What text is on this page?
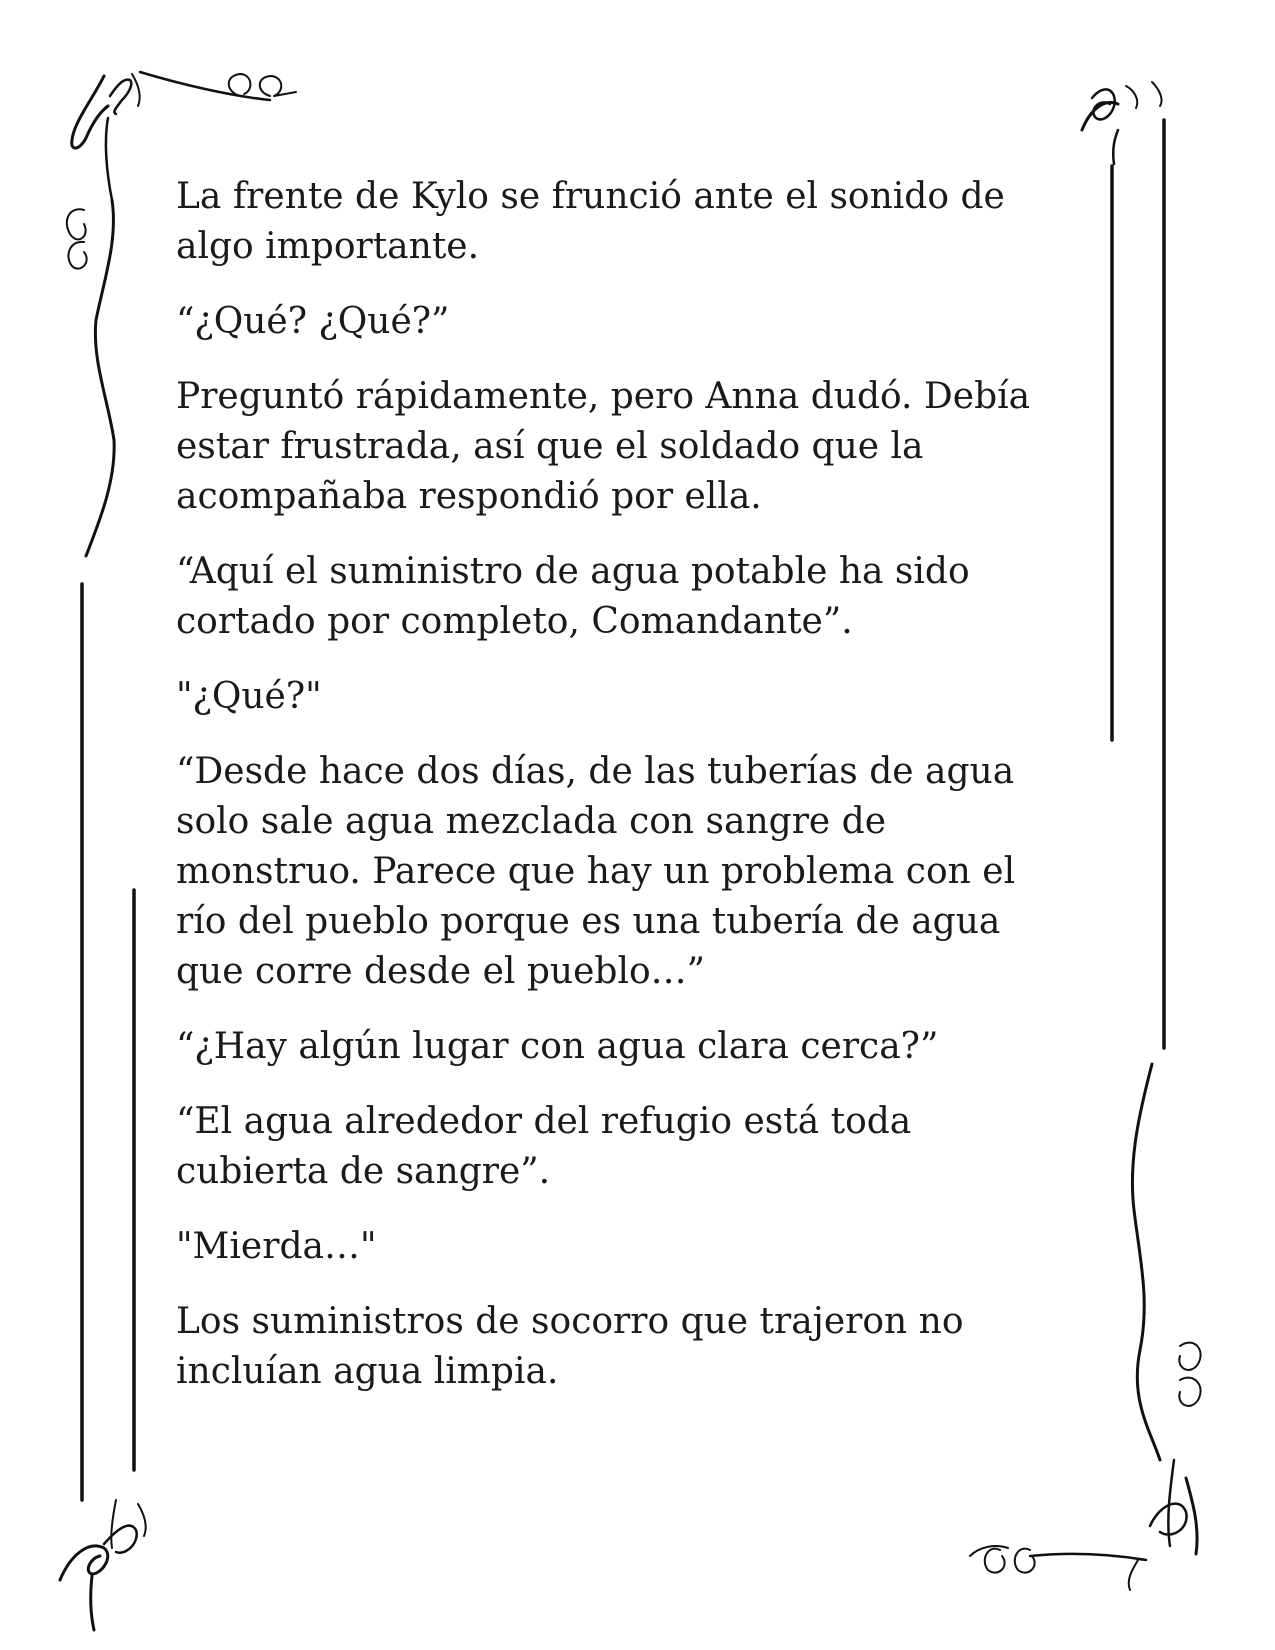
La frente de Kylo se frunció ante el sonido de
algo importante.

“¿Qué? ¿Qué?”

Preguntó rápidamente, pero Anna dudó. Debía
estar frustrada, así que el soldado que la
acompañaba respondió por ella.

“Aquí el suministro de agua potable ha sido
cortado por completo, Comandante”.

"¿Qué?"

“Desde hace dos días, de las tuberías de agua
solo sale agua mezclada con sangre de
monstruo. Parece que hay un problema con el
río del pueblo porque es una tubería de agua
que corre desde el pueblo…”

“¿Hay algún lugar con agua clara cerca?”

“El agua alrededor del refugio está toda
cubierta de sangre”.

"Mierda…"

Los suministros de socorro que trajeron no
incluían agua limpia.
